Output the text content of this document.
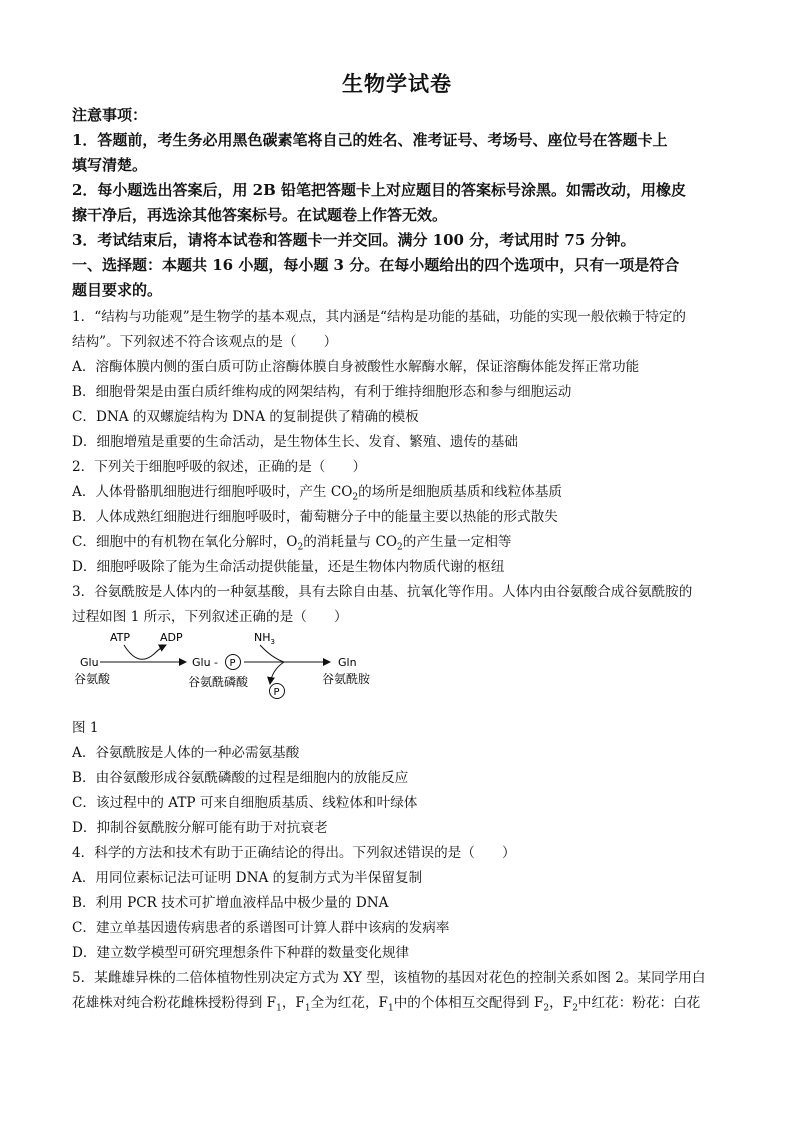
生物学试卷
注意事项：
1．答题前，考生务必用黑色碳素笔将自己的姓名、准考证号、考场号、座位号在答题卡上
填写清楚。
2．每小题选出答案后，用 2B 铅笔把答题卡上对应题目的答案标号涂黑。如需改动，用橡皮
擦干净后，再选涂其他答案标号。在试题卷上作答无效。
3．考试结束后，请将本试卷和答题卡一并交回。满分 100 分，考试用时 75 分钟。
一、选择题：本题共 16 小题，每小题 3 分。在每小题给出的四个选项中，只有一项是符合
题目要求的。
1．“结构与功能观”是生物学的基本观点，其内涵是“结构是功能的基础，功能的实现一般依赖于特定的
结构”。下列叙述不符合该观点的是（　　）
A．溶酶体膜内侧的蛋白质可防止溶酶体膜自身被酸性水解酶水解，保证溶酶体能发挥正常功能
B．细胞骨架是由蛋白质纤维构成的网架结构，有利于维持细胞形态和参与细胞运动
C．DNA 的双螺旋结构为 DNA 的复制提供了精确的模板
D．细胞增殖是重要的生命活动，是生物体生长、发育、繁殖、遗传的基础
2．下列关于细胞呼吸的叙述，正确的是（　　）
A．人体骨骼肌细胞进行细胞呼吸时，产生 $CO_2$的场所是细胞质基质和线粒体基质
B．人体成熟红细胞进行细胞呼吸时，葡萄糖分子中的能量主要以热能的形式散失
C．细胞中的有机物在氧化分解时，$O_2$的消耗量与 $CO_2$的产生量一定相等
D．细胞呼吸除了能为生命活动提供能量，还是生物体内物质代谢的枢纽
3．谷氨酰胺是人体内的一种氨基酸，具有去除自由基、抗氧化等作用。人体内由谷氨酸合成谷氨酰胺的
过程如图 1 所示，下列叙述正确的是（　　）
ATP	ADP	$NH_3$
Glu
谷氨酸
Glu - P
谷氨酰磷酸
P
Gln
谷氨酰胺
图 1
A．谷氨酰胺是人体的一种必需氨基酸
B．由谷氨酸形成谷氨酰磷酸的过程是细胞内的放能反应
C．该过程中的 ATP 可来自细胞质基质、线粒体和叶绿体
D．抑制谷氨酰胺分解可能有助于对抗衰老
4．科学的方法和技术有助于正确结论的得出。下列叙述错误的是（　　）
A．用同位素标记法可证明 DNA 的复制方式为半保留复制
B．利用 PCR 技术可扩增血液样品中极少量的 DNA
C．建立单基因遗传病患者的系谱图可计算人群中该病的发病率
D．建立数学模型可研究理想条件下种群的数量变化规律
5．某雌雄异株的二倍体植物性别决定方式为 XY 型，该植物的基因对花色的控制关系如图 2。某同学用白
花雄株对纯合粉花雌株授粉得到 $F_1$，$F_1$全为红花，$F_1$中的个体相互交配得到 $F_2$，$F_2$中红花：粉花：白花
